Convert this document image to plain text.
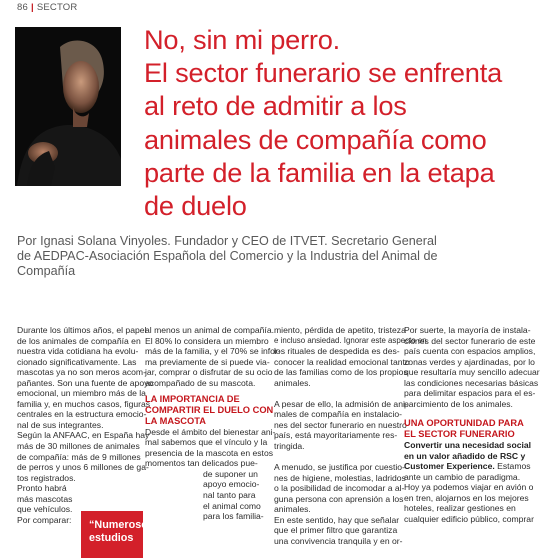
86 | SECTOR
No, sin mi perro.
El sector funerario se enfrenta
al reto de admitir a los
animales de compañía como
parte de la familia en la etapa
de duelo
Por Ignasi Solana Vinyoles. Fundador y CEO de ITVET. Secretario General
de AEDPAC-Asociación Española del Comercio y la Industria del Animal de
Compañía

Durante los últimos años, el papel

de los animales de compañía en

nuestra vida cotidiana ha evolu-

cionado significativamente. Las

mascotas ya no son meros acom-

pañantes. Son una fuente de apoyo

emocional, un miembro más de la

familia y, en muchos casos, figuras

centrales en la estructura emocio-

nal de sus integrantes.

Según la ANFAAC, en España hay

más de 30 millones de animales

de compañía: más de 9 millones

de perros y unos 6 millones de ga-

tos registrados.

Pronto habrá

más mascotas

que vehículos.

Por comparar:

al menos un animal de compañía.

El 80% lo considera un miembro

más de la familia, y el 70% se infor-

ma previamente de si puede via-

jar, comprar o disfrutar de su ocio

acompañado de su mascota.

LA IMPORTANCIA DE
COMPARTIR EL DUELO CON
LA MASCOTA

Desde el ámbito del bienestar ani-

mal sabemos que el vínculo y la

presencia de la mascota en estos

momentos tan delicados pue-

de suponer un

apoyo emocio-

nal tanto para

el animal como

para los familia-

miento, pérdida de apetito, tristeza

e incluso ansiedad. Ignorar este aspecto en

los rituales de despedida es des-

conocer la realidad emocional tanto

de las familias como de los propios

animales.

A pesar de ello, la admisión de ani-

males de compañía en instalacio-

nes del sector funerario en nuestro

país, está mayoritariamente res-

tringida.

A menudo, se justifica por cuestio-

nes de higiene, molestias, ladridos

o la posibilidad de incomodar a al-

guna persona con aprensión a los

animales.

En este sentido, hay que señalar

que el primer filtro que garantiza

una convivencia tranquila y en or-

Por suerte, la mayoría de instala-

ciones del sector funerario de este

país cuenta con espacios amplios,

zonas verdes y ajardinadas, por lo

que resultaría muy sencillo adecuar

las condiciones necesarias básicas

para delimitar espacios para el es-

parcimiento de los animales.

UNA OPORTUNIDAD PARA
EL SECTOR FUNERARIO

Convertir una necesidad social

en un valor añadido de RSC y

Customer Experience. Estamos

ante un cambio de paradigma.

Hoy ya podemos viajar en avión o

en tren, alojarnos en los mejores

hoteles, realizar gestiones en

cualquier edificio público, comprar

“Numerosos
estudios
